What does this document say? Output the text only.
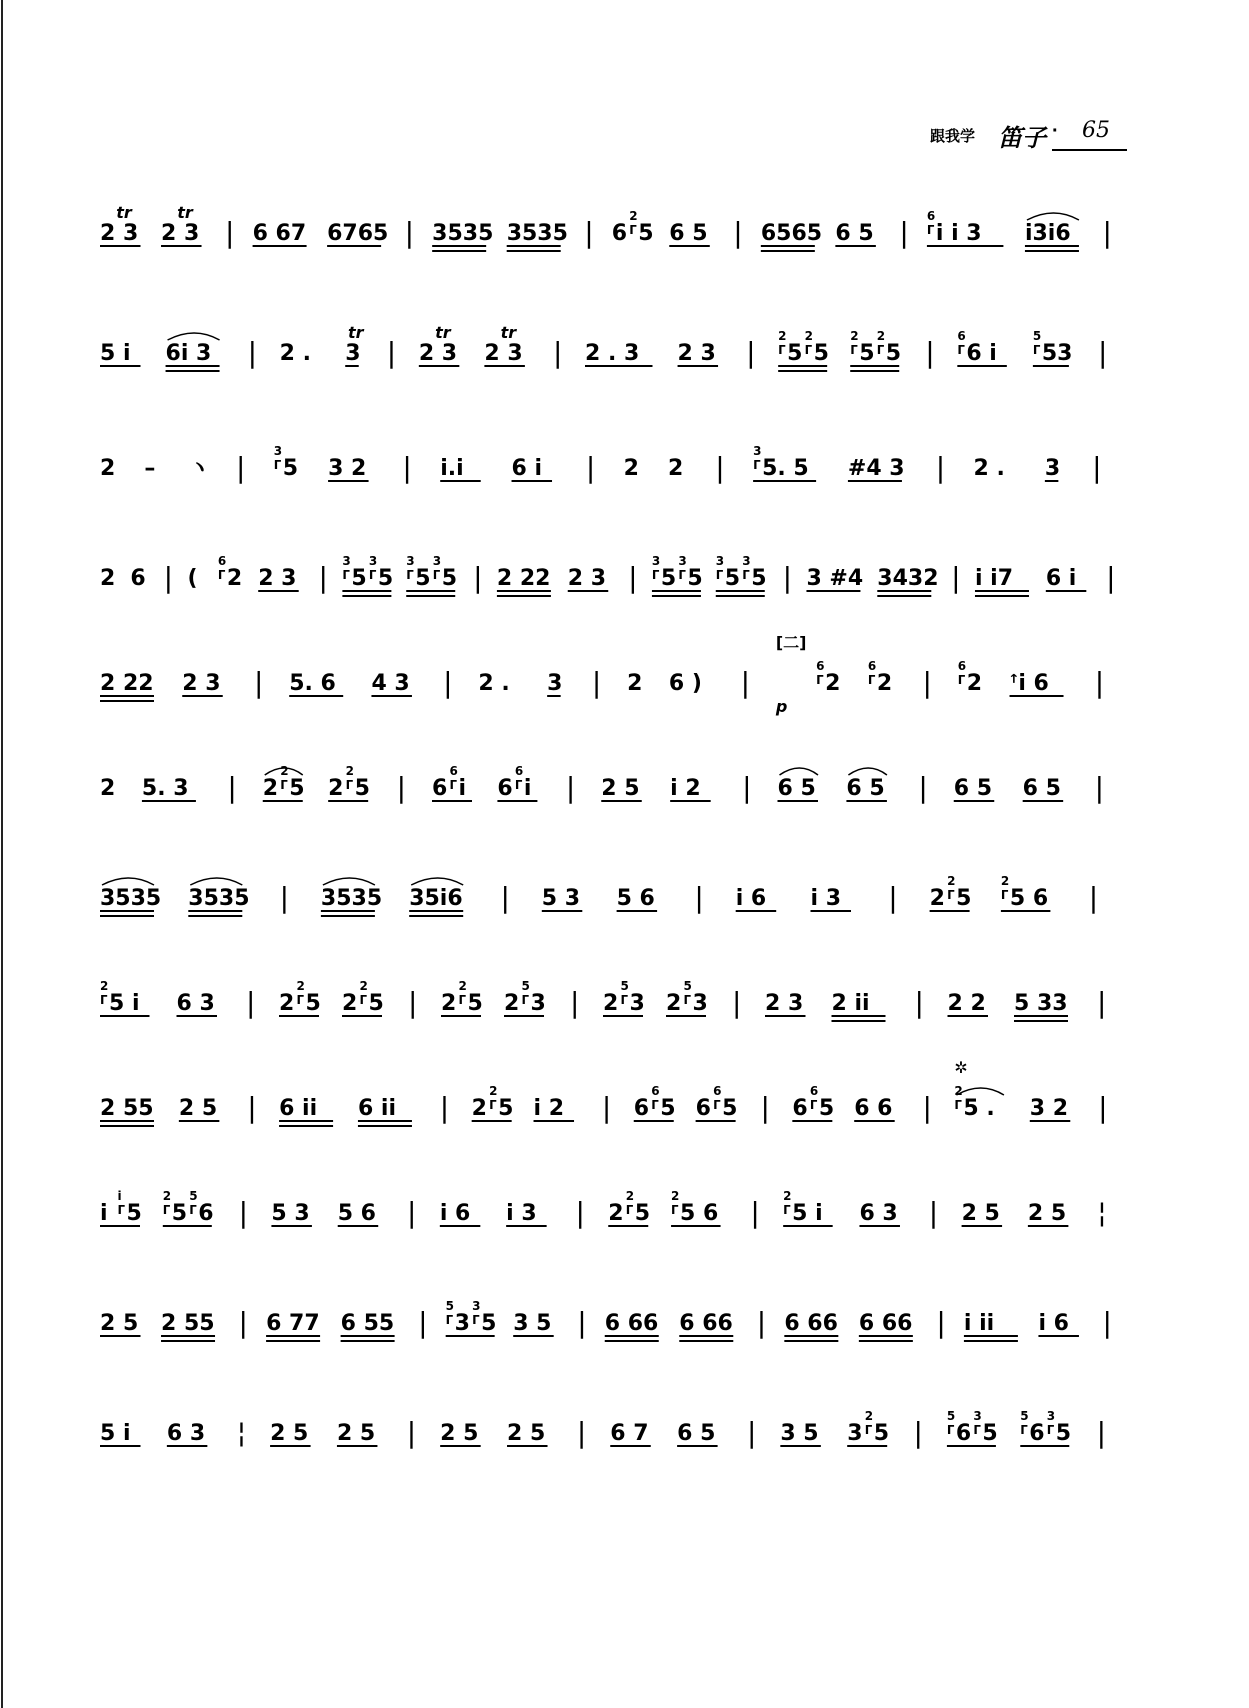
跟我学 笛子 · 65
2 3
tr
2 3
tr
| 6 67 6765 | 3535 3535 | 6
2
ᒥ 5 6 5 | 6565 6 5 | 6
ᒥ i i 3 i3i6 |
5 i 6i 3 | 2 . 3
tr
| 2 3
tr
2 3
tr
| 2 . 3 2 3 | 2
ᒥ 5
2
ᒥ 5
2
ᒥ 5
2
ᒥ 5 | 6
ᒥ 6 i
5
ᒥ 53 |
2 – ヽ | 3
ᒥ 5 3 2 | i.i 6 i | 2 2 | 3
ᒥ 5. 5 #4 3 | 2 . 3 |
2 6 | (
6
ᒥ 2 2 3 | 3
ᒥ 5
3
ᒥ 5
3
ᒥ 5
3
ᒥ 5 | 2 22 2 3 | 3
ᒥ 5
3
ᒥ 5
3
ᒥ 5
3
ᒥ 5 | 3 #4 3432 | i i7 6 i |
2 22 2 3 | 5. 6 4 3 | 2 . 3 | 2 6 ) |
[二]
p
6
ᒥ 2
6
ᒥ 2 | 6
ᒥ 2 ꜛi 6 |
2 5. 3 | 2
2
ᒥ 5 2
2
ᒥ 5 | 6
6
ᒥ i 6
6
ᒥ i | 2 5 i 2 | 6 5 6 5 | 6 5 6 5 |
3535 3535 | 3535 35i6 | 5 3 5 6 | i 6 i 3 | 2
2
ᒥ 5
2
ᒥ 5 6 |
2
ᒥ 5 i 6 3 | 2
2
ᒥ 5 2
2
ᒥ 5 | 2
2
ᒥ 5 2
5
ᒥ 3 | 2
5
ᒥ 3 2
5
ᒥ 3 | 2 3 2 ii | 2 2 5 33 |
2 55 2 5 | 6 ii 6 ii | 2
2
ᒥ 5 i 2 | 6
6
ᒥ 5 6
6
ᒥ 5 | 6
6
ᒥ 5 6 6 |
✲
2
ᒥ 5 . 3 2 |
i
i
ᒥ 5
2
ᒥ 5
5
ᒥ 6 | 5 3 5 6 | i 6 i 3 | 2
2
ᒥ 5
2
ᒥ 5 6 | 2
ᒥ 5 i 6 3 | 2 5 2 5 ¦
2 5 2 55 | 6 77 6 55 | 5
ᒥ 3
3
ᒥ 5 3 5 | 6 66 6 66 | 6 66 6 66 | i ii i 6 |
5 i 6 3 ¦ 2 5 2 5 | 2 5 2 5 | 6 7 6 5 | 3 5 3
2
ᒥ 5 | 5
ᒥ 6
3
ᒥ 5
5
ᒥ 6
3
ᒥ 5 |
